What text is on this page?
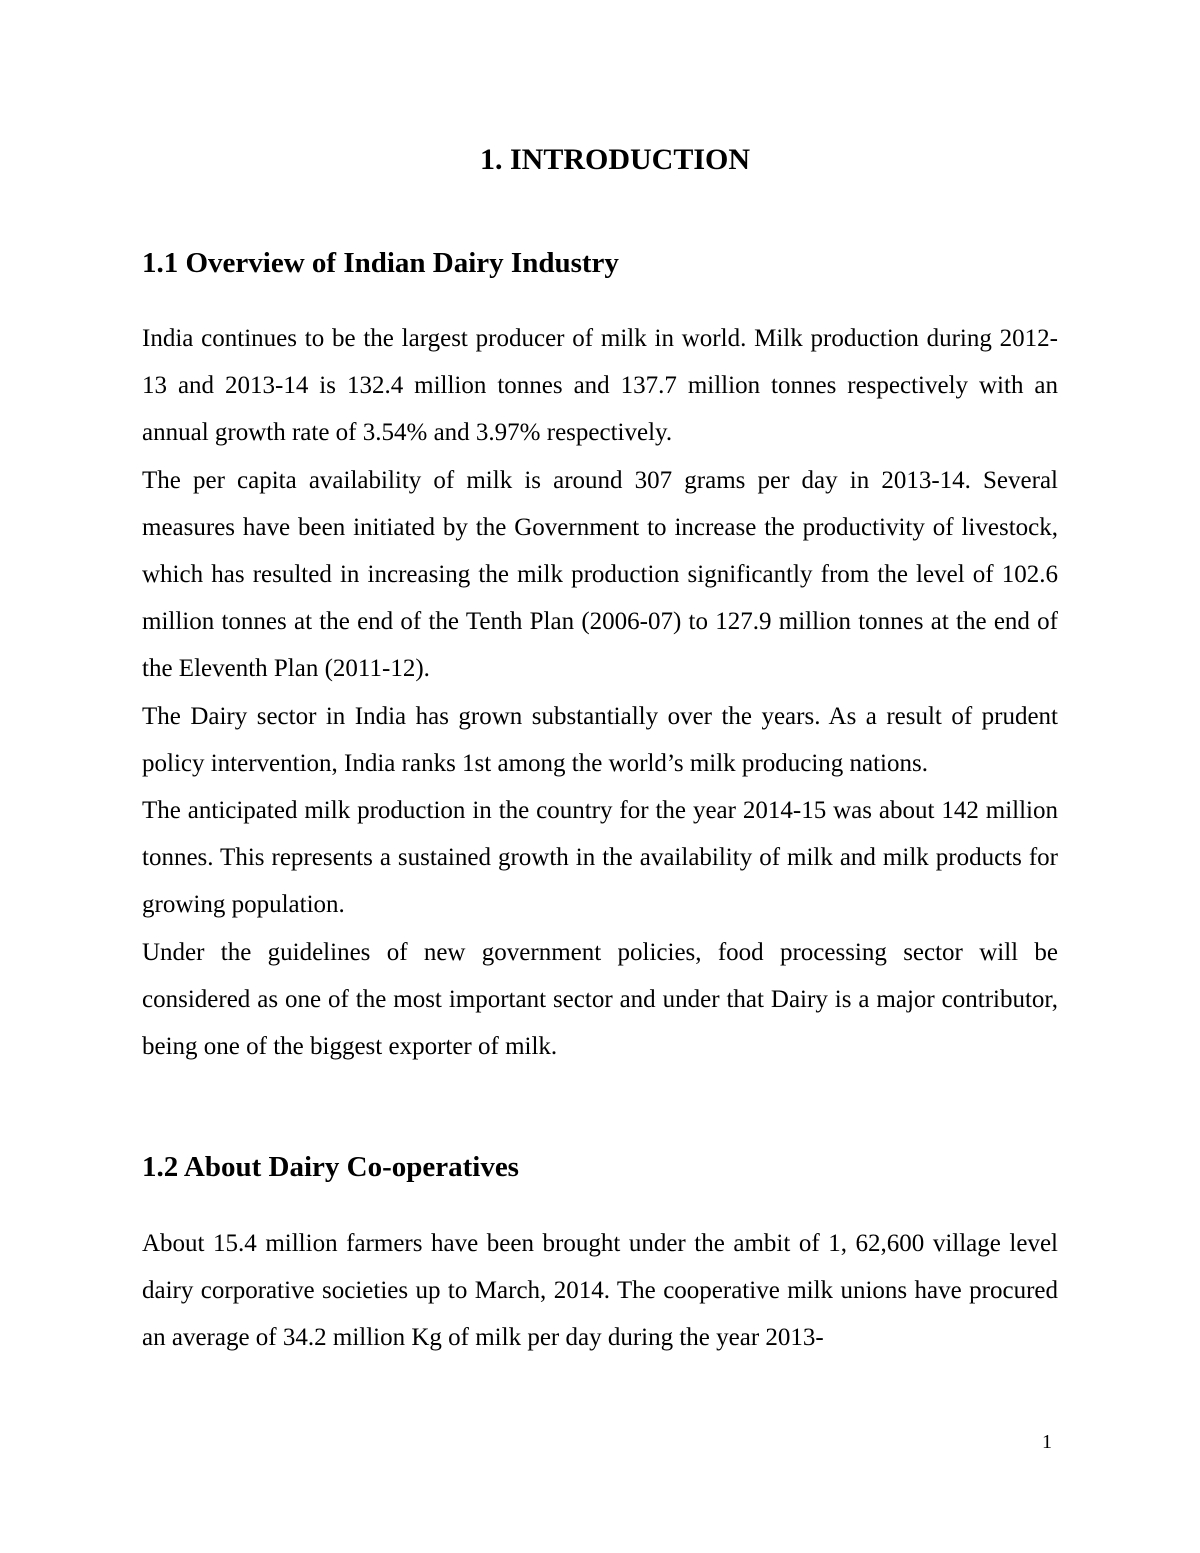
1. INTRODUCTION
1.1 Overview of Indian Dairy Industry

India continues to be the largest producer of milk in world. Milk production during 2012-13 and 2013-14 is 132.4 million tonnes and 137.7 million tonnes respectively with an annual growth rate of 3.54% and 3.97% respectively.

The per capita availability of milk is around 307 grams per day in 2013-14. Several measures have been initiated by the Government to increase the productivity of livestock, which has resulted in increasing the milk production significantly from the level of 102.6 million tonnes at the end of the Tenth Plan (2006-07) to 127.9 million tonnes at the end of the Eleventh Plan (2011-12).

The Dairy sector in India has grown substantially over the years. As a result of prudent policy intervention, India ranks 1st among the world’s milk producing nations.

The anticipated milk production in the country for the year 2014-15 was about 142 million tonnes. This represents a sustained growth in the availability of milk and milk products for growing population.

Under the guidelines of new government policies, food processing sector will be considered as one of the most important sector and under that Dairy is a major contributor, being one of the biggest exporter of milk.

1.2 About Dairy Co-operatives

About 15.4 million farmers have been brought under the ambit of 1, 62,600 village level dairy corporative societies up to March, 2014. The cooperative milk unions have procured an average of 34.2 million Kg of milk per day during the year 2013-

1
